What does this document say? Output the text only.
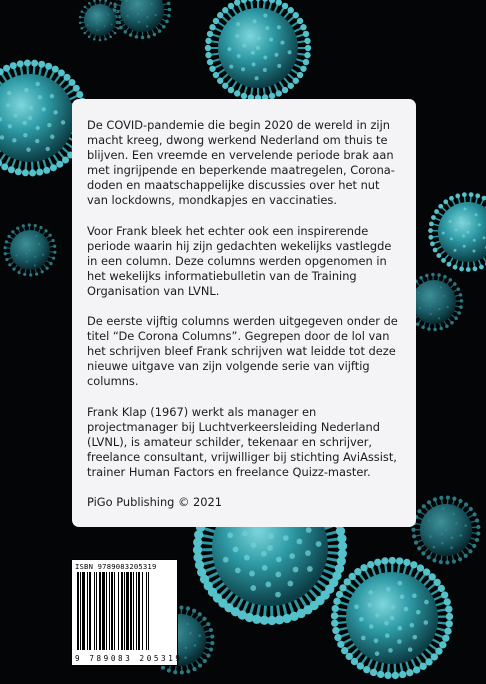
De COVID-pandemie die begin 2020 de wereld in zijn macht kreeg, dwong werkend Nederland om thuis te blijven. Een vreemde en vervelende periode brak aan met ingrijpende en beperkende maatregelen, Corona-doden en maatschappelijke discussies over het nut van lockdowns, mondkapjes en vaccinaties.

Voor Frank bleek het echter ook een inspirerende periode waarin hij zijn gedachten wekelijks vastlegde in een column. Deze columns werden opgenomen in het wekelijks informatiebulletin van de Training Organisation van LVNL.

De eerste vijftig columns werden uitgegeven onder de titel “De Corona Columns”. Gegrepen door de lol van het schrijven bleef Frank schrijven wat leidde tot deze nieuwe uitgave van zijn volgende serie van vijftig columns.

Frank Klap (1967) werkt als manager en projectmanager bij Luchtverkeersleiding Nederland (LVNL), is amateur schilder, tekenaar en schrijver, freelance consultant, vrijwilliger bij stichting AviAssist, trainer Human Factors en freelance Quizz-master.

PiGo Publishing © 2021

ISBN 9789083205319
9 789083 205319
